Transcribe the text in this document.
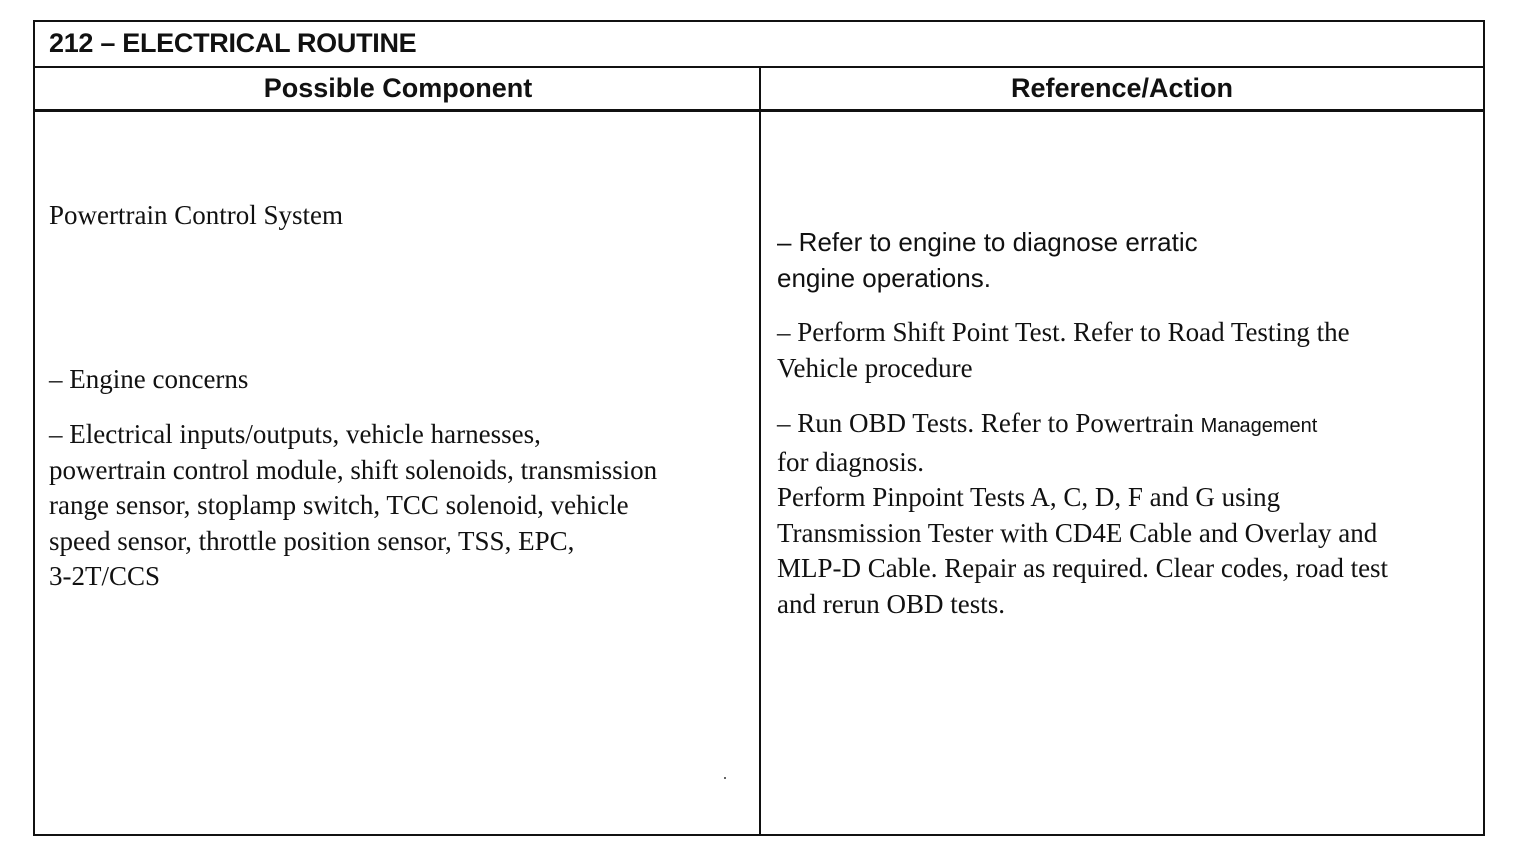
212 – ELECTRICAL ROUTINE
Possible Component	Reference/Action
Powertrain Control System
– Engine concerns
– Electrical inputs/outputs, vehicle harnesses,
powertrain control module, shift solenoids, transmission
range sensor, stoplamp switch, TCC solenoid, vehicle
speed sensor, throttle position sensor, TSS, EPC,
3-2T/CCS
– Refer to engine to diagnose erratic
engine operations.
– Perform Shift Point Test. Refer to Road Testing the
Vehicle procedure
– Run OBD Tests. Refer to Powertrain Management
for diagnosis.
Perform Pinpoint Tests A, C, D, F and G using
Transmission Tester with CD4E Cable and Overlay and
MLP-D Cable. Repair as required. Clear codes, road test
and rerun OBD tests.
